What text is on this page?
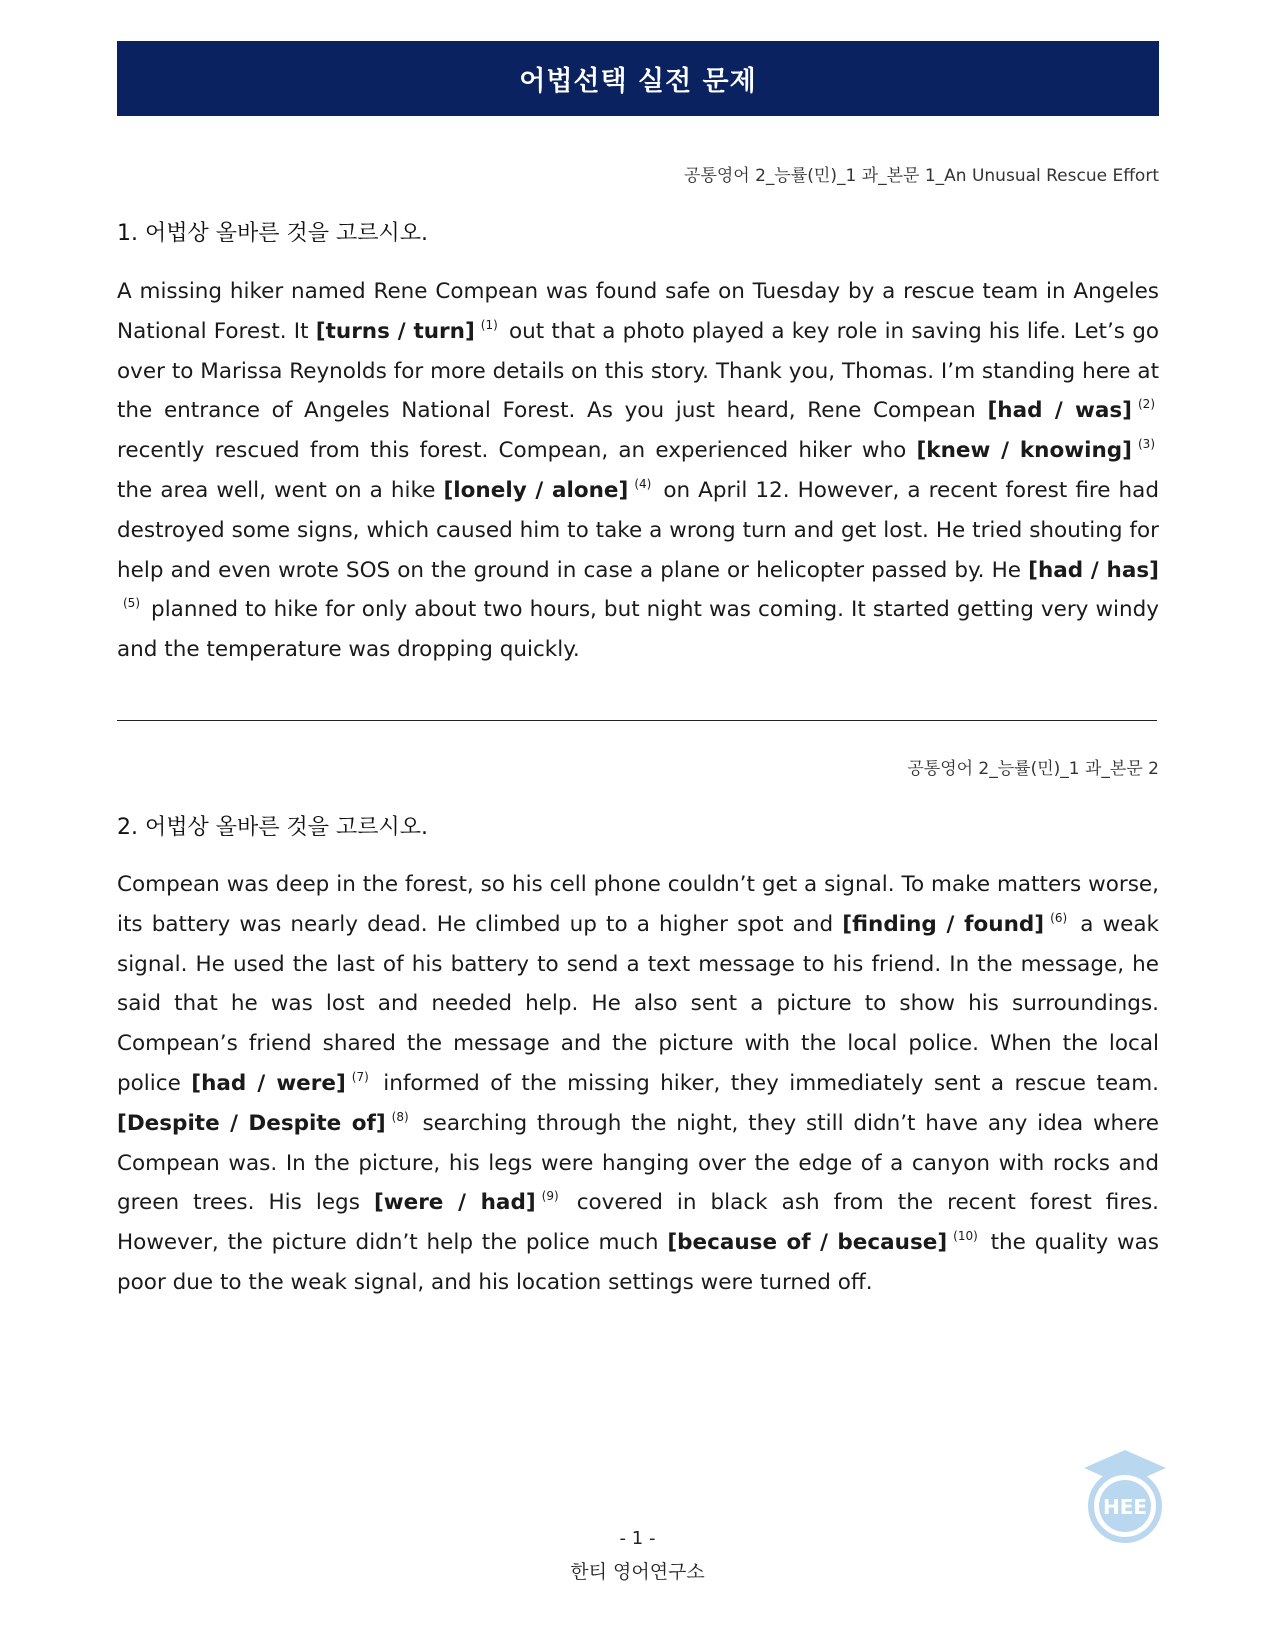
어법선택 실전 문제
공통영어 2_능률(민)_1 과_본문 1_An Unusual Rescue Effort
1. 어법상 올바른 것을 고르시오.
A missing hiker named Rene Compean was found safe on Tuesday by a rescue team in Angeles National Forest. It [turns / turn] $^{(1)}$ out that a photo played a key role in saving his life. Let’s go over to Marissa Reynolds for more details on this story. Thank you, Thomas. I’m standing here at the entrance of Angeles National Forest. As you just heard, Rene Compean [had / was] $^{(2)}$ recently rescued from this forest. Compean, an experienced hiker who [knew / knowing] $^{(3)}$ the area well, went on a hike [lonely / alone] $^{(4)}$ on April 12. However, a recent forest fire had destroyed some signs, which caused him to take a wrong turn and get lost. He tried shouting for help and even wrote SOS on the ground in case a plane or helicopter passed by. He [had / has]$^{(5)}$ planned to hike for only about two hours, but night was coming. It started getting very windy and the temperature was dropping quickly.
공통영어 2_능률(민)_1 과_본문 2
2. 어법상 올바른 것을 고르시오.
Compean was deep in the forest, so his cell phone couldn’t get a signal. To make matters worse, its battery was nearly dead. He climbed up to a higher spot and [finding / found] $^{(6)}$ a weak signal. He used the last of his battery to send a text message to his friend. In the message, he said that he was lost and needed help. He also sent a picture to show his surroundings. Compean’s friend shared the message and the picture with the local police. When the local police [had / were] $^{(7)}$ informed of the missing hiker, they immediately sent a rescue team. [Despite / Despite of] $^{(8)}$ searching through the night, they still didn’t have any idea where Compean was. In the picture, his legs were hanging over the edge of a canyon with rocks and green trees. His legs [were / had] $^{(9)}$ covered in black ash from the recent forest fires. However, the picture didn’t help the police much [because of / because] $^{(10)}$ the quality was poor due to the weak signal, and his location settings were turned off.
HEE
- 1 -
한티 영어연구소
